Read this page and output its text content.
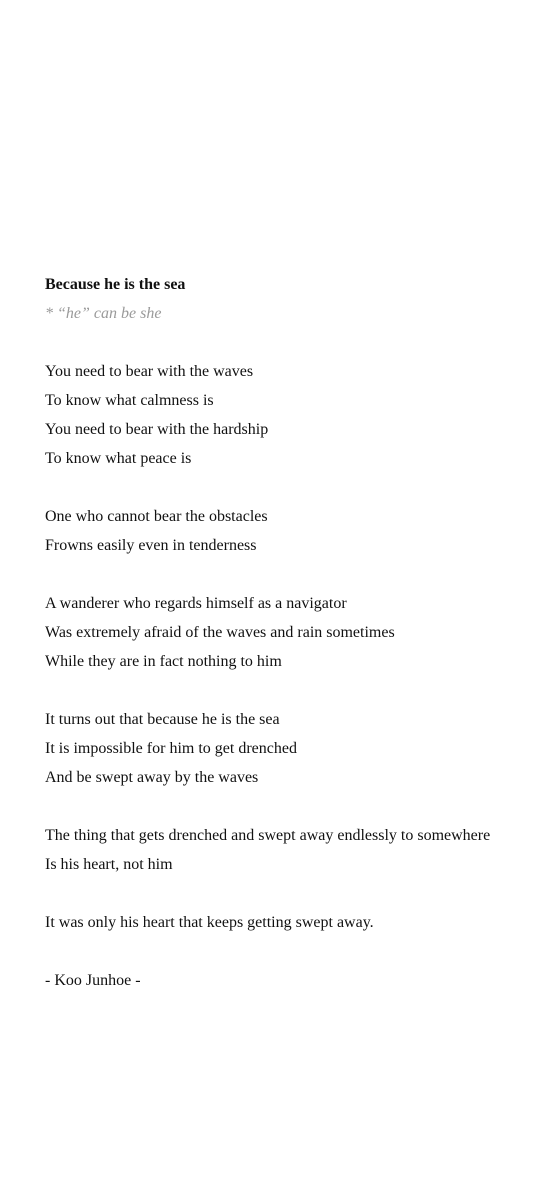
Because he is the sea

* “he” can be she

You need to bear with the waves
To know what calmness is
You need to bear with the hardship
To know what peace is
One who cannot bear the obstacles
Frowns easily even in tenderness
A wanderer who regards himself as a navigator
Was extremely afraid of the waves and rain sometimes
While they are in fact nothing to him
It turns out that because he is the sea
It is impossible for him to get drenched
And be swept away by the waves
The thing that gets drenched and swept away endlessly to somewhere
Is his heart, not him
It was only his heart that keeps getting swept away.

- Koo Junhoe -
